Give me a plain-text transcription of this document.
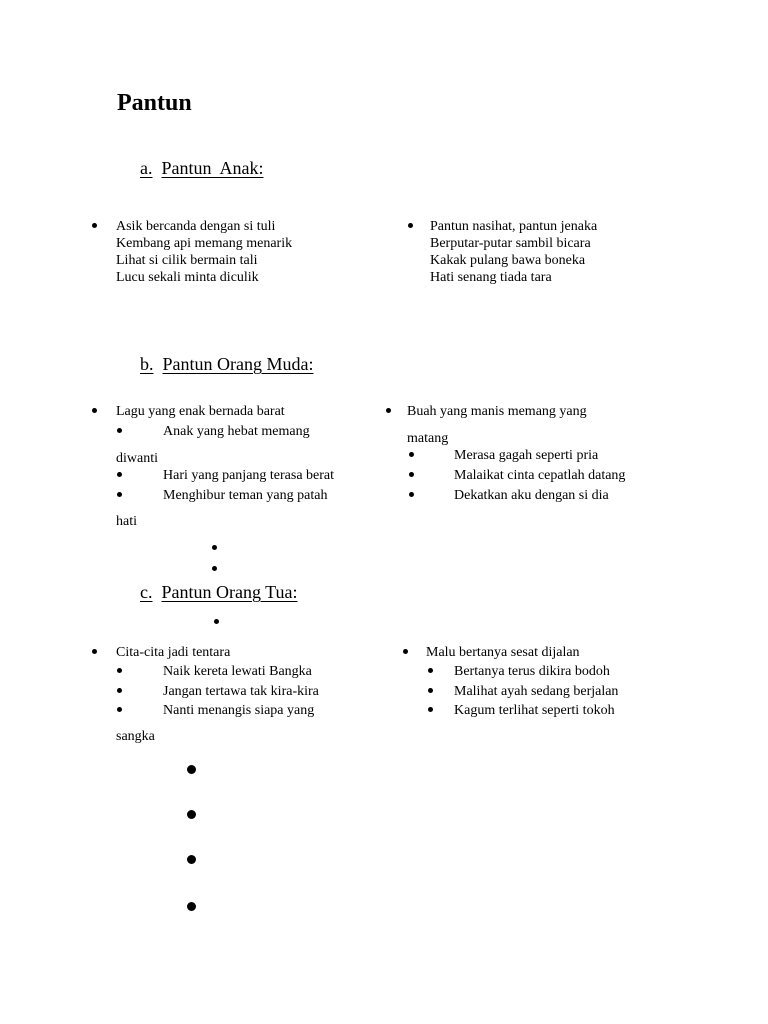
Pantun
a. Pantun  Anak:
Asik bercanda dengan si tuli
Kembang api memang menarik
Lihat si cilik bermain tali
Lucu sekali minta diculik
Pantun nasihat, pantun jenaka
Berputar-putar sambil bicara
Kakak pulang bawa boneka
Hati senang tiada tara
b. Pantun Orang Muda:
Lagu yang enak bernada barat
Anak yang hebat memang
diwanti
Hari yang panjang terasa berat
Menghibur teman yang patah
hati
Buah yang manis memang yang
matang
Merasa gagah seperti pria
Malaikat cinta cepatlah datang
Dekatkan aku dengan si dia
c. Pantun Orang Tua:
Cita-cita jadi tentara
Naik kereta lewati Bangka
Jangan tertawa tak kira-kira
Nanti menangis siapa yang
sangka
Malu bertanya sesat dijalan
Bertanya terus dikira bodoh
Malihat ayah sedang berjalan
Kagum terlihat seperti tokoh
